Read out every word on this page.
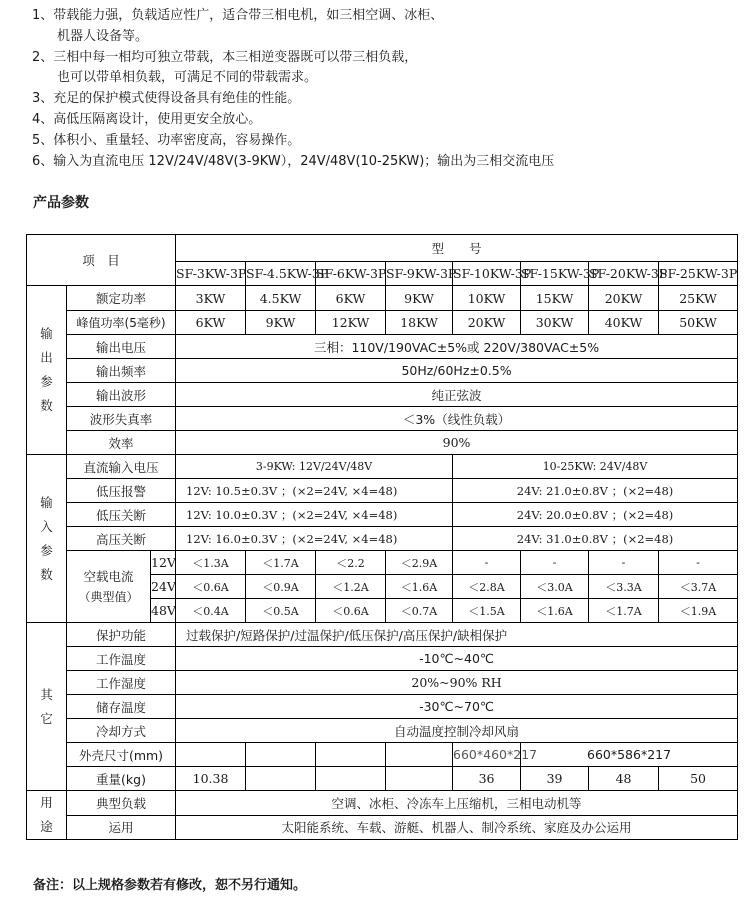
1、带载能力强，负载适应性广，适合带三相电机，如三相空调、冰柜、
机器人设备等。
2、三相中每一相均可独立带载，本三相逆变器既可以带三相负载，
也可以带单相负载，可满足不同的带载需求。
3、充足的保护模式使得设备具有绝佳的性能。
4、高低压隔离设计，使用更安全放心。
5、体积小、重量轻、功率密度高，容易操作。
6、输入为直流电压 12V/24V/48V(3-9KW），24V/48V(10-25KW)；输出为三相交流电压
产品参数
项　目			型　　号							
			SF-3KW-3P	SF-4.5KW-3P	SF-6KW-3P	SF-9KW-3P	SF-10KW-3P	SF-15KW-3P	SF-20KW-3P	SF-25KW-3P
输出参数	额定功率		3KW	4.5KW	6KW	9KW	10KW	15KW	20KW	25KW
	峰值功率(5毫秒)		6KW	9KW	12KW	18KW	20KW	30KW	40KW	50KW
	输出电压		三相：110V/190VAC±5%或 220V/380VAC±5%							
	输出频率		50Hz/60Hz±0.5%							
	输出波形		纯正弦波							
	波形失真率		＜3%（线性负载）							
	效率		90%							
输入参数	直流输入电压		3-9KW: 12V/24V/48V				10-25KW: 24V/48V			
	低压报警		12V: 10.5±0.3V ；(×2=24V, ×4=48)				24V: 21.0±0.8V ；(×2=48)			
	低压关断		12V: 10.0±0.3V ；(×2=24V, ×4=48)				24V: 20.0±0.8V ；(×2=48)			
	高压关断		12V: 16.0±0.3V ；(×2=24V, ×4=48)				24V: 31.0±0.8V ；(×2=48)			

	空载电流
（典型值）	12V	＜1.3A	＜1.7A	＜2.2	＜2.9A	-	-	-	-
		24V	＜0.6A	＜0.9A	＜1.2A	＜1.6A	＜2.8A	＜3.0A	＜3.3A	＜3.7A
		48V	＜0.4A	＜0.5A	＜0.6A	＜0.7A	＜1.5A	＜1.6A	＜1.7A	＜1.9A
其它	保护功能		过载保护/短路保护/过温保护/低压保护/高压保护/缺相保护							
	工作温度		-10℃~40℃							
	工作湿度		20%~90% RH							
	储存温度		-30℃~70℃							
	冷却方式		自动温度控制冷却风扇							
	外壳尺寸(mm)						660*460*217	660*586*217		
	重量(kg)		10.38				36	39	48	50
用途	典型负载		空调、冰柜、冷冻车上压缩机，三相电动机等							
	运用		太阳能系统、车载、游艇、机器人、制冷系统、家庭及办公运用							
备注：以上规格参数若有修改，恕不另行通知。
